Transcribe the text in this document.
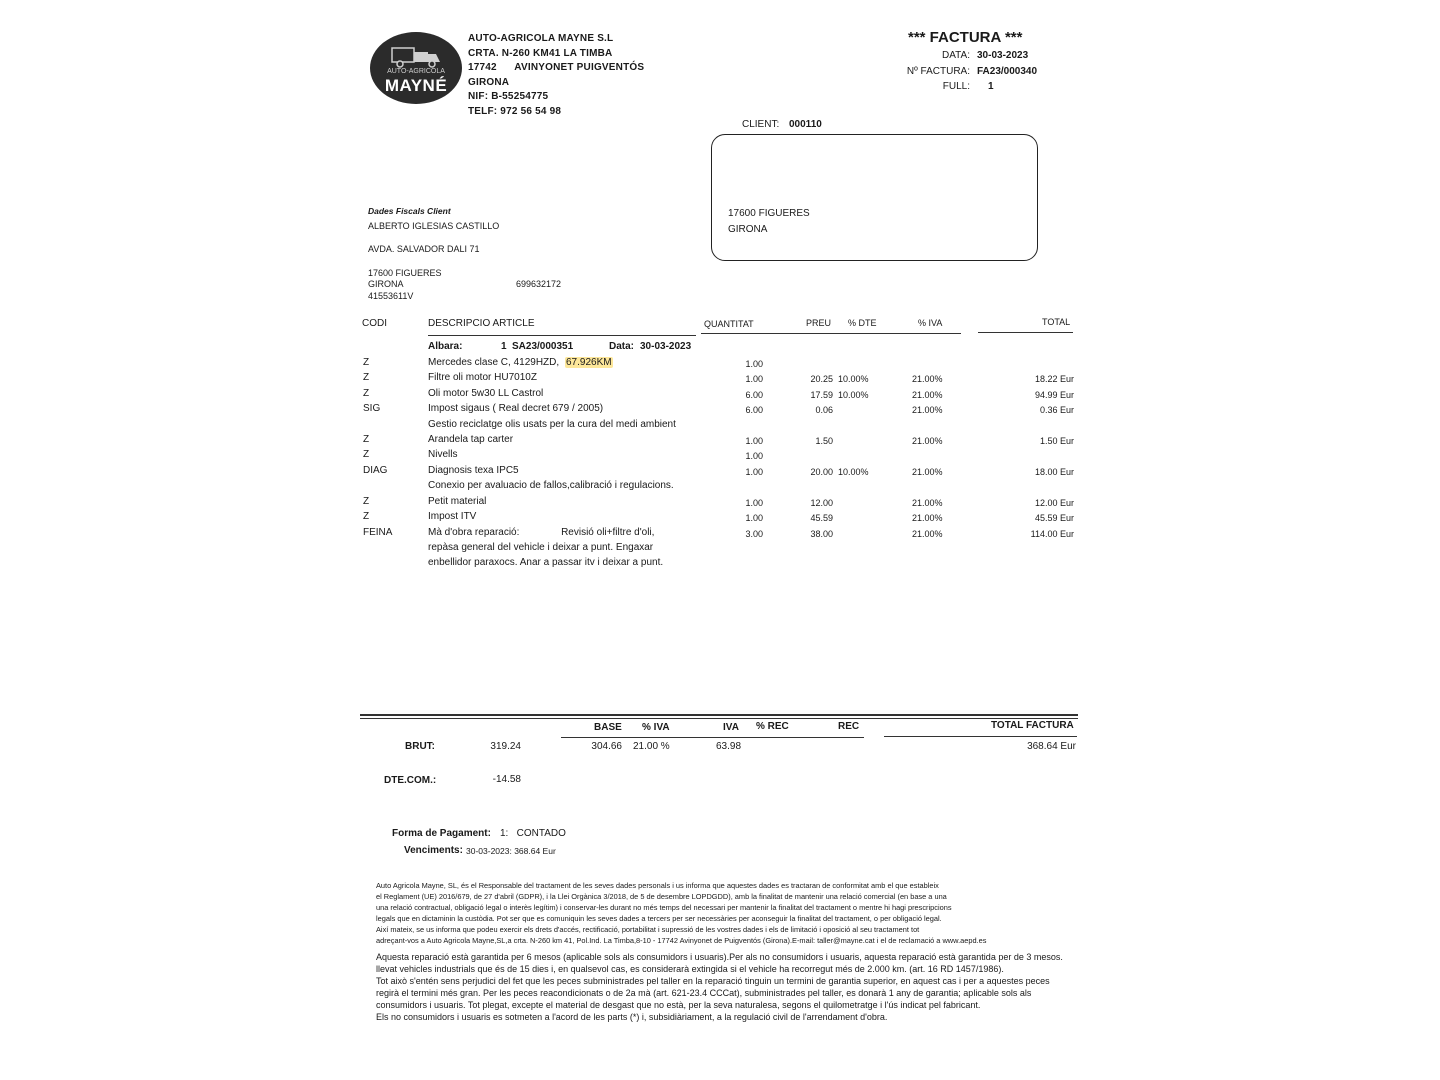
AUTO-AGRICOLA
MAYNÉ
AUTO-AGRICOLA MAYNE S.L
CRTA. N-260 KM41 LA TIMBA
17742      AVINYONET PUIGVENTÓS
GIRONA
NIF: B-55254775
TELF: 972 56 54 98
*** FACTURA ***
DATA: 30-03-2023
Nº FACTURA: FA23/000340
FULL: 1
CLIENT: 000110
17600 FIGUERES
GIRONA
Dades Fiscals Client
ALBERTO IGLESIAS CASTILLO
AVDA. SALVADOR DALI 71
17600 FIGUERES
GIRONA	699632172
41553611V
CODI	DESCRIPCIO ARTICLE	QUANTITAT	PREU % DTE	% IVA	TOTAL
Albara:	1 SA23/000351	Data: 30-03-2023
Z	Mercedes clase C, 4129HZD,	1.00
67.926KM
Z	Filtre oli motor HU7010Z	1.00	20.25 10.00%	21.00%	18.22 Eur
Z	Oli motor 5w30 LL Castrol	6.00	17.59 10.00%	21.00%	94.99 Eur
SIG	Impost sigaus ( Real decret 679 / 2005)	6.00	0.06	21.00%	0.36 Eur
Gestio reciclatge olis usats per la cura del medi ambient
Z	Arandela tap carter	1.00	1.50	21.00%	1.50 Eur
Z	Nivells	1.00
DIAG	Diagnosis texa IPC5	1.00	20.00 10.00%	21.00%	18.00 Eur
Conexio per avaluacio de fallos,calibració i regulacions.
Z	Petit material	1.00	12.00	21.00%	12.00 Eur
Z	Impost ITV	1.00	45.59	21.00%	45.59 Eur
FEINA	Mà d'obra reparació:               Revisió oli+filtre d'oli,	3.00	38.00	21.00%	114.00 Eur
repàsa general del vehicle i deixar a punt. Engaxar
enbellidor paraxocs. Anar a passar itv i deixar a punt.
BASE % IVA	IVA % REC	REC	TOTAL FACTURA
BRUT:	319.24	304.66 21.00 %	63.98	368.64 Eur
DTE.COM.:	-14.58
Forma de Pagament: 1:   CONTADO
Venciments: 30-03-2023: 368.64 Eur
Auto Agricola Mayne, SL, és el Responsable del tractament de les seves dades personals i us informa que aquestes dades es tractaran de conformitat amb el que estableix
el Reglament (UE) 2016/679, de 27 d'abril (GDPR), i la Llei Orgànica 3/2018, de 5 de desembre LOPDGDD), amb la finalitat de mantenir una relació comercial (en base a una
una relació contractual, obligació legal o interès legítim) i conservar-les durant no més temps del necessari per mantenir la finalitat del tractament o mentre hi hagi prescripcions
legals que en dictaminin la custòdia. Pot ser que es comuniquin les seves dades a tercers per ser necessàries per aconseguir la finalitat del tractament, o per obligació legal.
Així mateix, se us informa que podeu exercir els drets d'accés, rectificació, portabilitat i supressió de les vostres dades i els de limitació i oposició al seu tractament tot
adreçant-vos a Auto Agricola Mayne,SL,a crta. N-260 km 41, Pol.Ind. La Timba,8-10 - 17742 Avinyonet de Puigventós (Girona).E-mail: taller@mayne.cat i el de reclamació a www.aepd.es
Aquesta reparació està garantida per 6 mesos (aplicable sols als consumidors i usuaris).Per als no consumidors i usuaris, aquesta reparació està garantida per de 3 mesos.
llevat vehicles industrials que és de 15 dies i, en qualsevol cas, es considerarà extingida si el vehicle ha recorregut més de 2.000 km. (art. 16 RD 1457/1986).
Tot això s'entén sens perjudici del fet que les peces subministrades pel taller en la reparació tinguin un termini de garantia superior, en aquest cas i per a aquestes peces
regirà el termini més gran. Per les peces reacondicionats o de 2a mà (art. 621-23.4 CCCat), subministrades pel taller, es donarà 1 any de garantia; aplicable sols als
consumidors i usuaris. Tot plegat, excepte el material de desgast que no està, per la seva naturalesa, segons el quilometratge i l'ús indicat pel fabricant.
Els no consumidors i usuaris es sotmeten a l'acord de les parts (*) i, subsidiàriament, a la regulació civil de l'arrendament d'obra.
